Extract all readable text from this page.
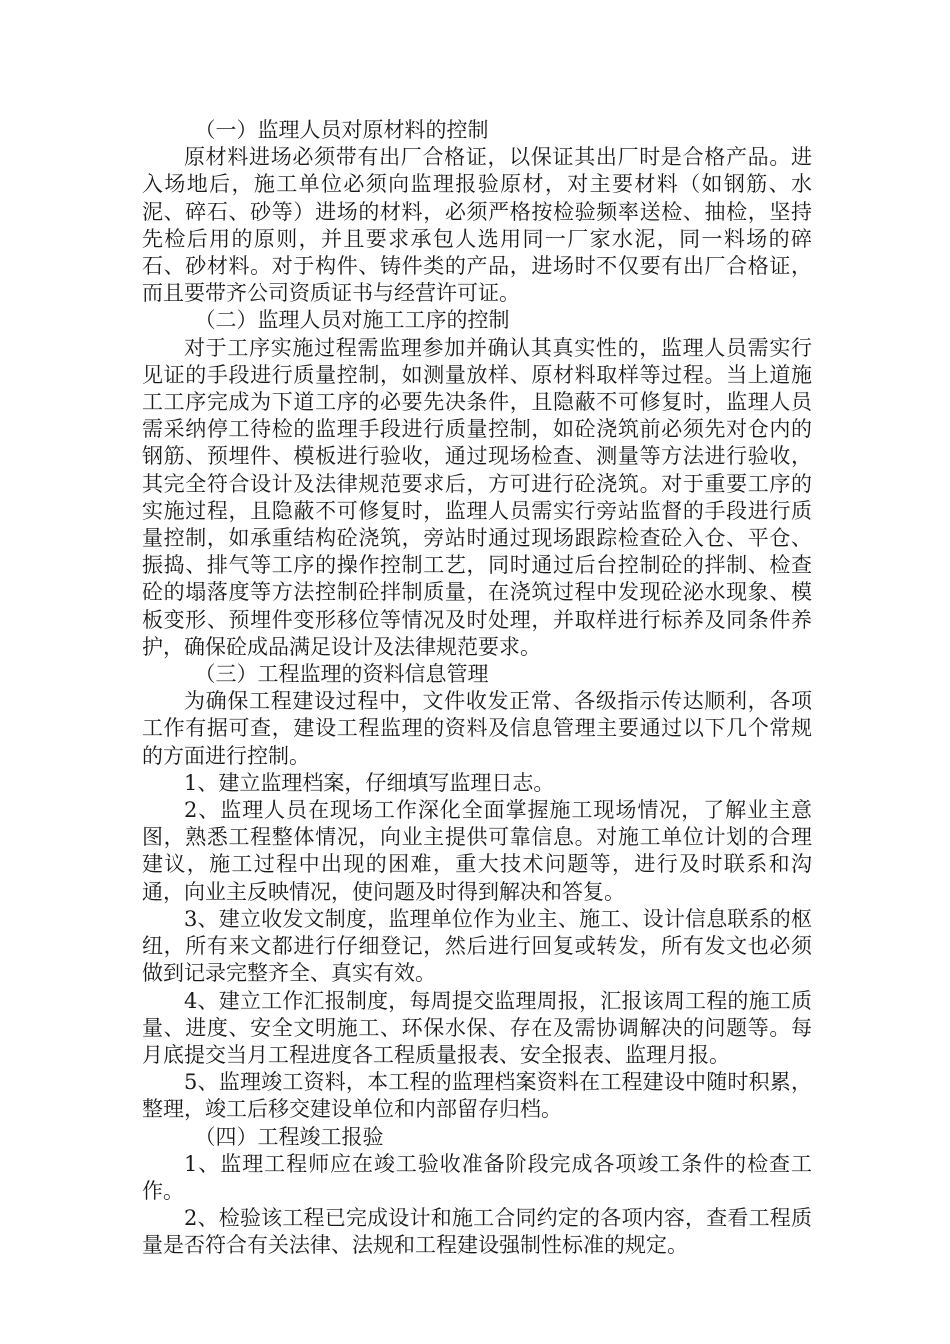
（一）监理人员对原材料的控制

原材料进场必须带有出厂合格证，以保证其出厂时是合格产品。进入场地后，施工单位必须向监理报验原材，对主要材料（如钢筋、水泥、碎石、砂等）进场的材料，必须严格按检验频率送检、抽检，坚持先检后用的原则，并且要求承包人选用同一厂家水泥，同一料场的碎石、砂材料。对于构件、铸件类的产品，进场时不仅要有出厂合格证，而且要带齐公司资质证书与经营许可证。

（二）监理人员对施工工序的控制

对于工序实施过程需监理参加并确认其真实性的，监理人员需实行见证的手段进行质量控制，如测量放样、原材料取样等过程。当上道施工工序完成为下道工序的必要先决条件，且隐蔽不可修复时，监理人员需采纳停工待检的监理手段进行质量控制，如砼浇筑前必须先对仓内的钢筋、预埋件、模板进行验收，通过现场检查、测量等方法进行验收，其完全符合设计及法律规范要求后，方可进行砼浇筑。对于重要工序的实施过程，且隐蔽不可修复时，监理人员需实行旁站监督的手段进行质量控制，如承重结构砼浇筑，旁站时通过现场跟踪检查砼入仓、平仓、振捣、排气等工序的操作控制工艺，同时通过后台控制砼的拌制、检查砼的塌落度等方法控制砼拌制质量，在浇筑过程中发现砼泌水现象、模板变形、预埋件变形移位等情况及时处理，并取样进行标养及同条件养护，确保砼成品满足设计及法律规范要求。

（三）工程监理的资料信息管理

为确保工程建设过程中，文件收发正常、各级指示传达顺利，各项工作有据可查，建设工程监理的资料及信息管理主要通过以下几个常规的方面进行控制。

1、建立监理档案，仔细填写监理日志。

2、监理人员在现场工作深化全面掌握施工现场情况，了解业主意图，熟悉工程整体情况，向业主提供可靠信息。对施工单位计划的合理建议，施工过程中出现的困难，重大技术问题等，进行及时联系和沟通，向业主反映情况，使问题及时得到解决和答复。

3、建立收发文制度，监理单位作为业主、施工、设计信息联系的枢纽，所有来文都进行仔细登记，然后进行回复或转发，所有发文也必须做到记录完整齐全、真实有效。

4、建立工作汇报制度，每周提交监理周报，汇报该周工程的施工质量、进度、安全文明施工、环保水保、存在及需协调解决的问题等。每月底提交当月工程进度各工程质量报表、安全报表、监理月报。

5、监理竣工资料，本工程的监理档案资料在工程建设中随时积累，整理，竣工后移交建设单位和内部留存归档。

（四）工程竣工报验

1、监理工程师应在竣工验收准备阶段完成各项竣工条件的检查工作。

2、检验该工程已完成设计和施工合同约定的各项内容，查看工程质量是否符合有关法律、法规和工程建设强制性标准的规定。
